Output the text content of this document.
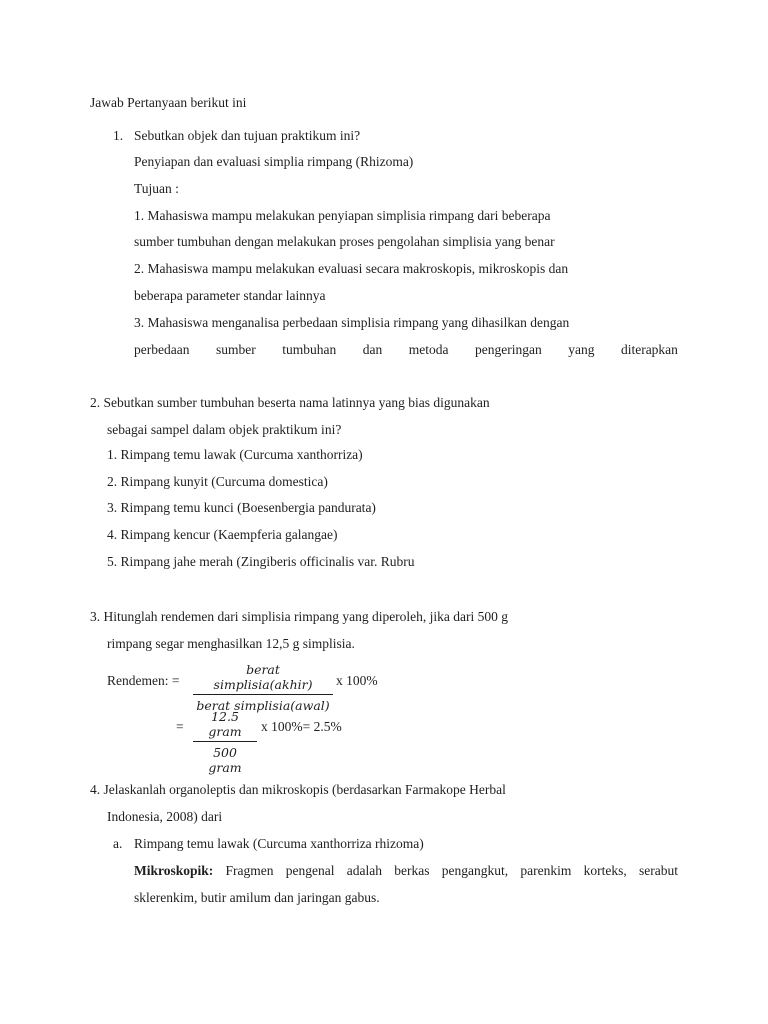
Jawab Pertanyaan berikut ini
1. Sebutkan objek dan tujuan praktikum ini?
Penyiapan dan evaluasi simplia rimpang (Rhizoma)
Tujuan :
1. Mahasiswa mampu melakukan penyiapan simplisia rimpang dari beberapa
sumber tumbuhan dengan melakukan proses pengolahan simplisia yang benar
2. Mahasiswa mampu melakukan evaluasi secara makroskopis, mikroskopis dan
beberapa parameter standar lainnya
3. Mahasiswa menganalisa perbedaan simplisia rimpang yang dihasilkan dengan
perbedaan sumber tumbuhan dan metoda pengeringan yang diterapkan
2. Sebutkan sumber tumbuhan beserta nama latinnya yang bias digunakan
sebagai sampel dalam objek praktikum ini?
1. Rimpang temu lawak (Curcuma xanthorriza)
2. Rimpang kunyit (Curcuma domestica)
3. Rimpang temu kunci (Boesenbergia pandurata)
4. Rimpang kencur (Kaempferia galangae)
5. Rimpang jahe merah (Zingiberis officinalis var. Rubru
3. Hitunglah rendemen dari simplisia rimpang yang diperoleh, jika dari 500 g
rimpang segar menghasilkan 12,5 g simplisia.
Rendemen: =
berat simplisia(akhir)
berat simplisia(awal)
x 100%
=
12.5 gram
500 gram
x 100%= 2.5%
4. Jelaskanlah organoleptis dan mikroskopis (berdasarkan Farmakope Herbal
Indonesia, 2008) dari
a. Rimpang temu lawak (Curcuma xanthorriza rhizoma)
Mikroskopik: Fragmen pengenal adalah berkas pengangkut, parenkim korteks, serabut
sklerenkim, butir amilum dan jaringan gabus.
